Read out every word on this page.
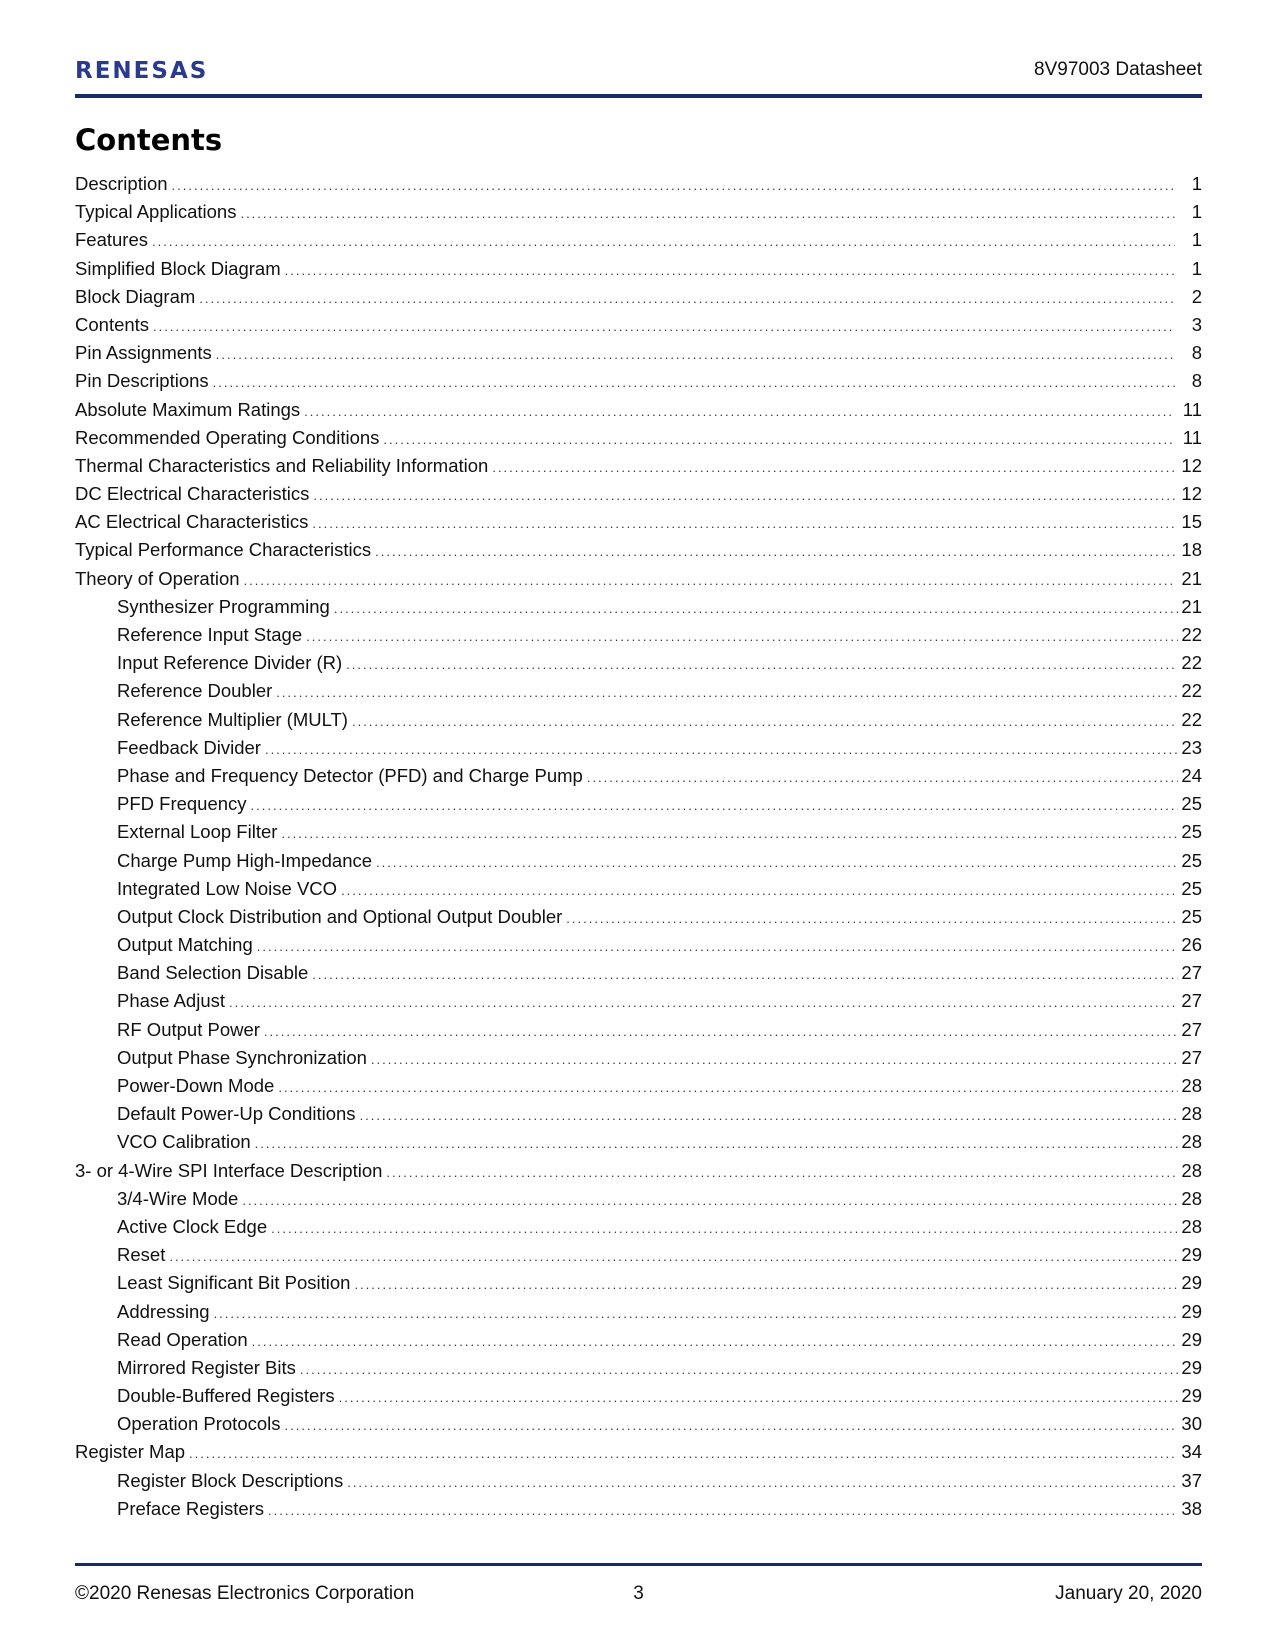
RENESAS	8V97003 Datasheet
Contents
Description .....	1
Typical Applications .....	1
Features .....	1
Simplified Block Diagram .....	1
Block Diagram .....	2
Contents .....	3
Pin Assignments .....	8
Pin Descriptions .....	8
Absolute Maximum Ratings .....	11
Recommended Operating Conditions .....	11
Thermal Characteristics and Reliability Information .....	12
DC Electrical Characteristics .....	12
AC Electrical Characteristics .....	15
Typical Performance Characteristics .....	18
Theory of Operation .....	21
Synthesizer Programming .....	21
Reference Input Stage .....	22
Input Reference Divider (R) .....	22
Reference Doubler .....	22
Reference Multiplier (MULT) .....	22
Feedback Divider .....	23
Phase and Frequency Detector (PFD) and Charge Pump .....	24
PFD Frequency .....	25
External Loop Filter .....	25
Charge Pump High-Impedance .....	25
Integrated Low Noise VCO .....	25
Output Clock Distribution and Optional Output Doubler .....	25
Output Matching .....	26
Band Selection Disable .....	27
Phase Adjust .....	27
RF Output Power .....	27
Output Phase Synchronization .....	27
Power-Down Mode .....	28
Default Power-Up Conditions .....	28
VCO Calibration .....	28
3- or 4-Wire SPI Interface Description .....	28
3/4-Wire Mode .....	28
Active Clock Edge .....	28
Reset .....	29
Least Significant Bit Position .....	29
Addressing .....	29
Read Operation .....	29
Mirrored Register Bits .....	29
Double-Buffered Registers .....	29
Operation Protocols .....	30
Register Map .....	34
Register Block Descriptions .....	37
Preface Registers .....	38
©2020 Renesas Electronics Corporation	3	January 20, 2020
